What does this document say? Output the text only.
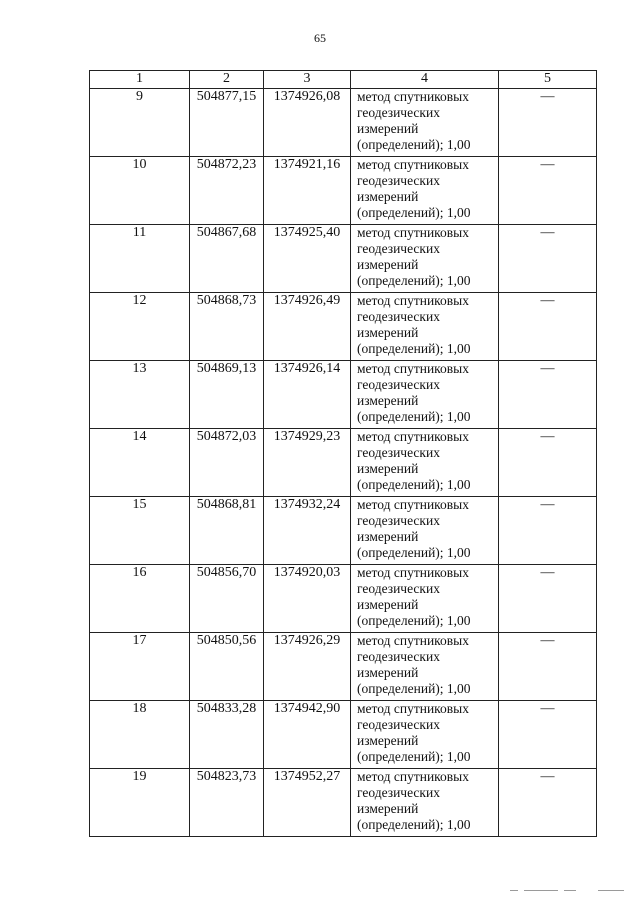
65
1	2	3	4	5
9	504877,15	1374926,08	метод спутниковых
геодезических
измерений
(определений); 1,00	—
10	504872,23	1374921,16	метод спутниковых
геодезических
измерений
(определений); 1,00	—
11	504867,68	1374925,40	метод спутниковых
геодезических
измерений
(определений); 1,00	—
12	504868,73	1374926,49	метод спутниковых
геодезических
измерений
(определений); 1,00	—
13	504869,13	1374926,14	метод спутниковых
геодезических
измерений
(определений); 1,00	—
14	504872,03	1374929,23	метод спутниковых
геодезических
измерений
(определений); 1,00	—
15	504868,81	1374932,24	метод спутниковых
геодезических
измерений
(определений); 1,00	—
16	504856,70	1374920,03	метод спутниковых
геодезических
измерений
(определений); 1,00	—
17	504850,56	1374926,29	метод спутниковых
геодезических
измерений
(определений); 1,00	—
18	504833,28	1374942,90	метод спутниковых
геодезических
измерений
(определений); 1,00	—
19	504823,73	1374952,27	метод спутниковых
геодезических
измерений
(определений); 1,00	—
